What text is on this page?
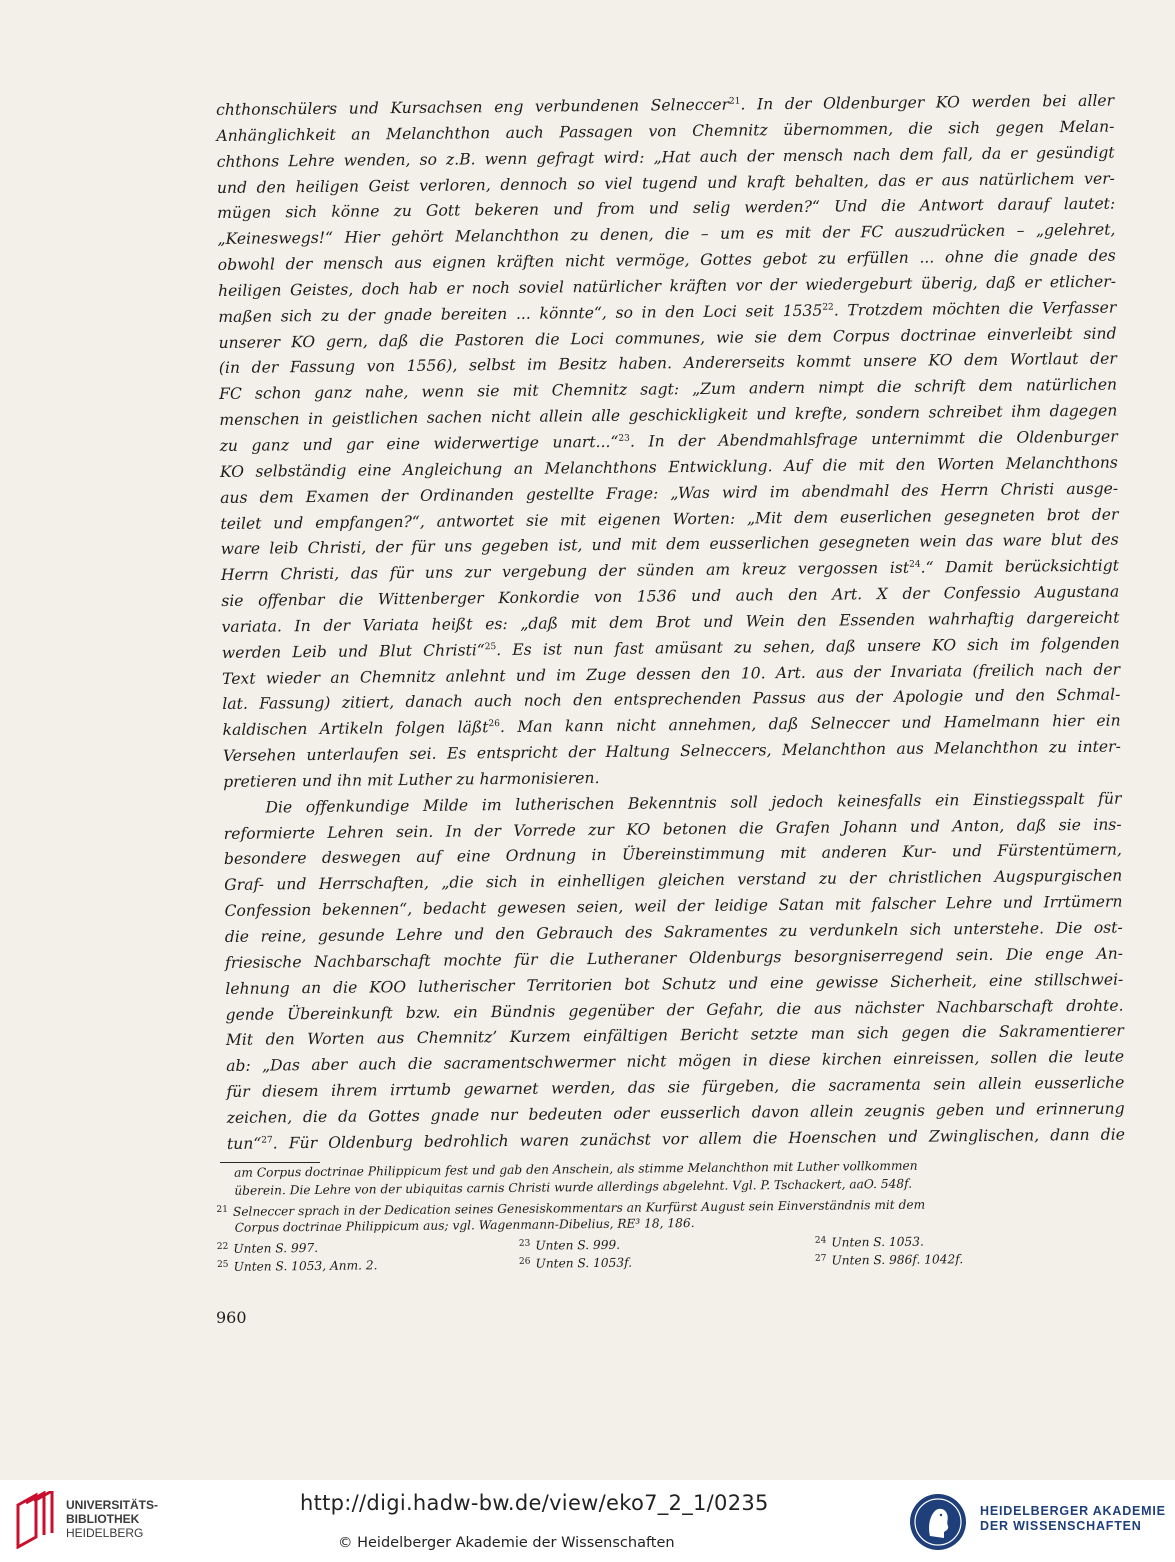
chthonschülers und Kursachsen eng verbundenen Selneccer$^{21}$. In der Oldenburger KO werden bei aller
Anhänglichkeit an Melanchthon auch Passagen von Chemnitz übernommen, die sich gegen Melan-
chthons Lehre wenden, so z.B. wenn gefragt wird: „Hat auch der mensch nach dem fall, da er gesündigt
und den heiligen Geist verloren, dennoch so viel tugend und kraft behalten, das er aus natürlichem ver-
mügen sich könne zu Gott bekeren und from und selig werden?“ Und die Antwort darauf lautet:
„Keineswegs!“ Hier gehört Melanchthon zu denen, die – um es mit der FC auszudrücken – „gelehret,
obwohl der mensch aus eignen kräften nicht vermöge, Gottes gebot zu erfüllen ... ohne die gnade des
heiligen Geistes, doch hab er noch soviel natürlicher kräften vor der wiedergeburt überig, daß er etlicher-
maßen sich zu der gnade bereiten ... könnte“, so in den Loci seit 1535$^{22}$. Trotzdem möchten die Verfasser
unserer KO gern, daß die Pastoren die Loci communes, wie sie dem Corpus doctrinae einverleibt sind
(in der Fassung von 1556), selbst im Besitz haben. Andererseits kommt unsere KO dem Wortlaut der
FC schon ganz nahe, wenn sie mit Chemnitz sagt: „Zum andern nimpt die schrift dem natürlichen
menschen in geistlichen sachen nicht allein alle geschickligkeit und krefte, sondern schreibet ihm dagegen
zu ganz und gar eine widerwertige unart...“$^{23}$. In der Abendmahlsfrage unternimmt die Oldenburger
KO selbständig eine Angleichung an Melanchthons Entwicklung. Auf die mit den Worten Melanchthons
aus dem Examen der Ordinanden gestellte Frage: „Was wird im abendmahl des Herrn Christi ausge-
teilet und empfangen?“, antwortet sie mit eigenen Worten: „Mit dem euserlichen gesegneten brot der
ware leib Christi, der für uns gegeben ist, und mit dem eusserlichen gesegneten wein das ware blut des
Herrn Christi, das für uns zur vergebung der sünden am kreuz vergossen ist$^{24}$.“ Damit berücksichtigt
sie offenbar die Wittenberger Konkordie von 1536 und auch den Art. X der Confessio Augustana
variata. In der Variata heißt es: „daß mit dem Brot und Wein den Essenden wahrhaftig dargereicht
werden Leib und Blut Christi“$^{25}$. Es ist nun fast amüsant zu sehen, daß unsere KO sich im folgenden
Text wieder an Chemnitz anlehnt und im Zuge dessen den 10. Art. aus der Invariata (freilich nach der
lat. Fassung) zitiert, danach auch noch den entsprechenden Passus aus der Apologie und den Schmal-
kaldischen Artikeln folgen läßt$^{26}$. Man kann nicht annehmen, daß Selneccer und Hamelmann hier ein
Versehen unterlaufen sei. Es entspricht der Haltung Selneccers, Melanchthon aus Melanchthon zu inter-
pretieren und ihn mit Luther zu harmonisieren.
Die offenkundige Milde im lutherischen Bekenntnis soll jedoch keinesfalls ein Einstiegsspalt für
reformierte Lehren sein. In der Vorrede zur KO betonen die Grafen Johann und Anton, daß sie ins-
besondere deswegen auf eine Ordnung in Übereinstimmung mit anderen Kur- und Fürstentümern,
Graf- und Herrschaften, „die sich in einhelligen gleichen verstand zu der christlichen Augspurgischen
Confession bekennen“, bedacht gewesen seien, weil der leidige Satan mit falscher Lehre und Irrtümern
die reine, gesunde Lehre und den Gebrauch des Sakramentes zu verdunkeln sich unterstehe. Die ost-
friesische Nachbarschaft mochte für die Lutheraner Oldenburgs besorgniserregend sein. Die enge An-
lehnung an die KOO lutherischer Territorien bot Schutz und eine gewisse Sicherheit, eine stillschwei-
gende Übereinkunft bzw. ein Bündnis gegenüber der Gefahr, die aus nächster Nachbarschaft drohte.
Mit den Worten aus Chemnitz’ Kurzem einfältigen Bericht setzte man sich gegen die Sakramentierer
ab: „Das aber auch die sacramentschwermer nicht mögen in diese kirchen einreissen, sollen die leute
für diesem ihrem irrtumb gewarnet werden, das sie fürgeben, die sacramenta sein allein eusserliche
zeichen, die da Gottes gnade nur bedeuten oder eusserlich davon allein zeugnis geben und erinnerung
tun“$^{27}$. Für Oldenburg bedrohlich waren zunächst vor allem die Hoenschen und Zwinglischen, dann die
am Corpus doctrinae Philippicum fest und gab den Anschein, als stimme Melanchthon mit Luther vollkommen
überein. Die Lehre von der ubiquitas carnis Christi wurde allerdings abgelehnt. Vgl. P. Tschackert, aaO. 548f.
$^{21}$ Selneccer sprach in der Dedication seines Genesiskommentars an Kurfürst August sein Einverständnis mit dem
Corpus doctrinae Philippicum aus; vgl. Wagenmann-Dibelius, RE³ 18, 186.
$^{22}$ Unten S. 997.	$^{23}$ Unten S. 999.	$^{24}$ Unten S. 1053.
$^{25}$ Unten S. 1053, Anm. 2.	$^{26}$ Unten S. 1053f.	$^{27}$ Unten S. 986f. 1042f.
960
UNIVERSITÄTS-
BIBLIOTHEK
HEIDELBERG
http://digi.hadw-bw.de/view/eko7_2_1/0235
© Heidelberger Akademie der Wissenschaften
HEIDELBERGER AKADEMIE
DER WISSENSCHAFTEN
